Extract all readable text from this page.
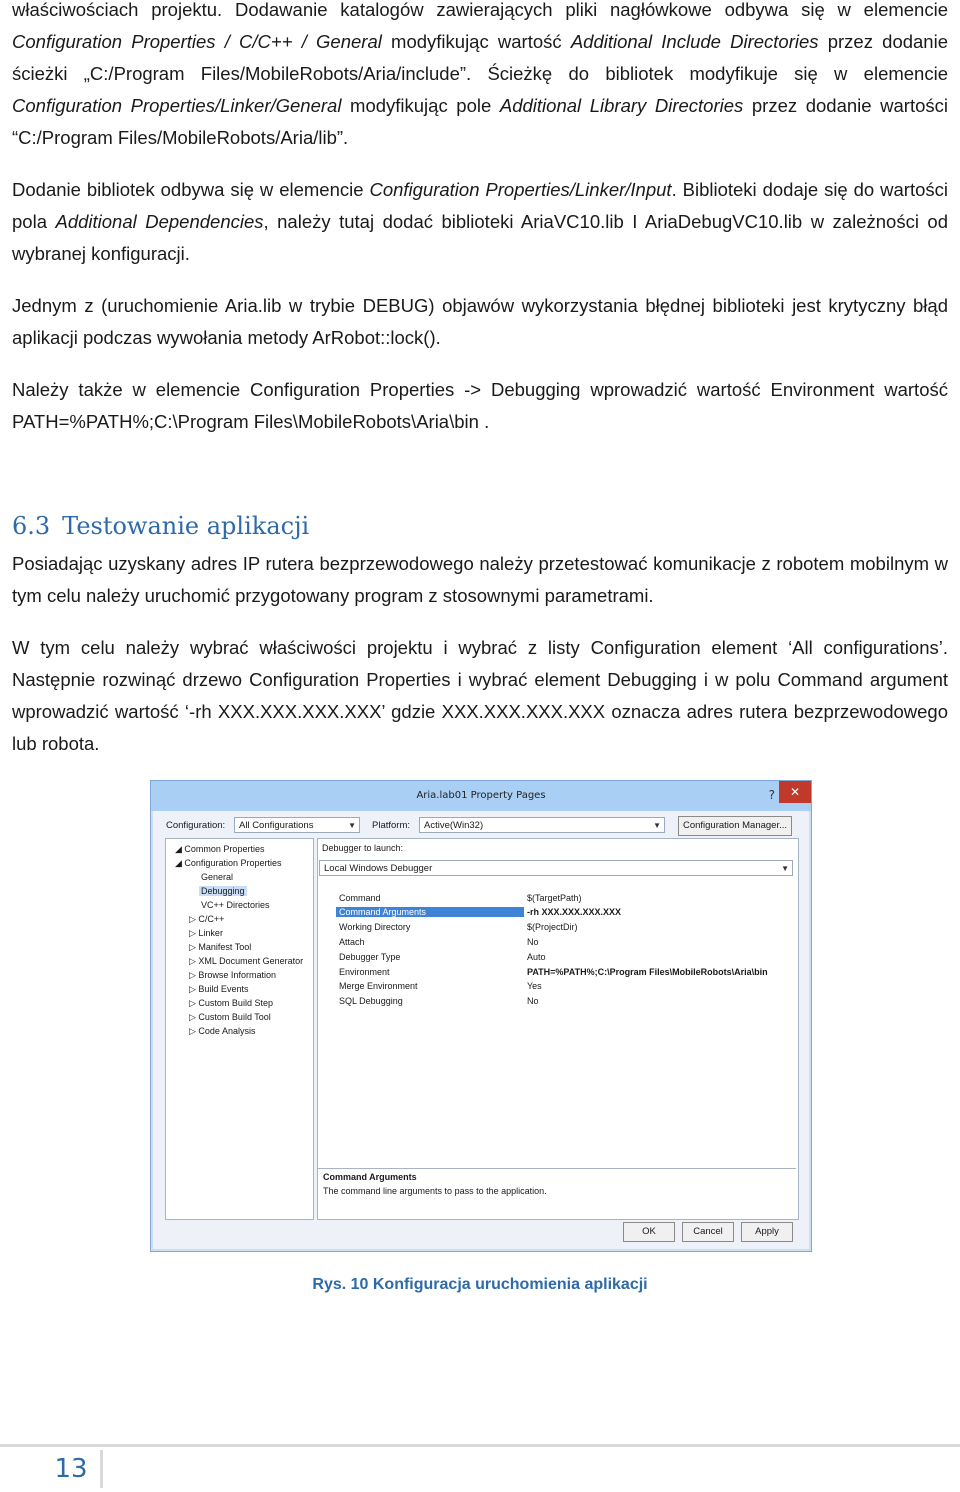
właściwościach projektu. Dodawanie katalogów zawierających pliki nagłówkowe odbywa się w elemencie Configuration Properties / C/C++ / General modyfikując wartość Additional Include Directories przez dodanie ścieżki „C:/Program Files/MobileRobots/Aria/include”. Ścieżkę do bibliotek modyfikuje się w elemencie Configuration Properties/Linker/General modyfikując pole Additional Library Directories przez dodanie wartości “C:/Program Files/MobileRobots/Aria/lib”.

Dodanie bibliotek odbywa się w elemencie Configuration Properties/Linker/Input. Biblioteki dodaje się do wartości pola Additional Dependencies, należy tutaj dodać biblioteki AriaVC10.lib I AriaDebugVC10.lib w zależności od wybranej konfiguracji.

Jednym z (uruchomienie Aria.lib w trybie DEBUG) objawów wykorzystania błędnej biblioteki jest krytyczny błąd aplikacji podczas wywołania metody ArRobot::lock().

Należy także w elemencie Configuration Properties -> Debugging wprowadzić wartość Environment wartość PATH=%PATH%;C:\Program Files\MobileRobots\Aria\bin .

6.3 Testowanie aplikacji

Posiadając uzyskany adres IP rutera bezprzewodowego należy przetestować komunikacje z robotem mobilnym w tym celu należy uruchomić przygotowany program z stosownymi parametrami.

W tym celu należy wybrać właściwości projektu i wybrać z listy Configuration element ‘All configurations’. Następnie rozwinąć drzewo Configuration Properties i wybrać element Debugging i w polu Command argument wprowadzić wartość ‘-rh XXX.XXX.XXX.XXX’ gdzie XXX.XXX.XXX.XXX oznacza adres rutera bezprzewodowego lub robota.

Aria.lab01 Property Pages	?	✕
Configuration:	All Configurations	▼ Platform:	Active(Win32)	▼	Configuration Manager...
◢ Common Properties
◢ Configuration Properties
General
Debugging
VC++ Directories
▷ C/C++
▷ Linker
▷ Manifest Tool
▷ XML Document Generator
▷ Browse Information
▷ Build Events
▷ Custom Build Step
▷ Custom Build Tool
▷ Code Analysis
Debugger to launch:
Local Windows Debugger	▼
Command	$(TargetPath)
Command Arguments	-rh XXX.XXX.XXX.XXX
Working Directory	$(ProjectDir)
Attach	No
Debugger Type	Auto
Environment	PATH=%PATH%;C:\Program Files\MobileRobots\Aria\bin
Merge Environment	Yes
SQL Debugging	No
Command Arguments
The command line arguments to pass to the application.
OK	Cancel	Apply
Rys. 10 Konfiguracja uruchomienia aplikacji
13
